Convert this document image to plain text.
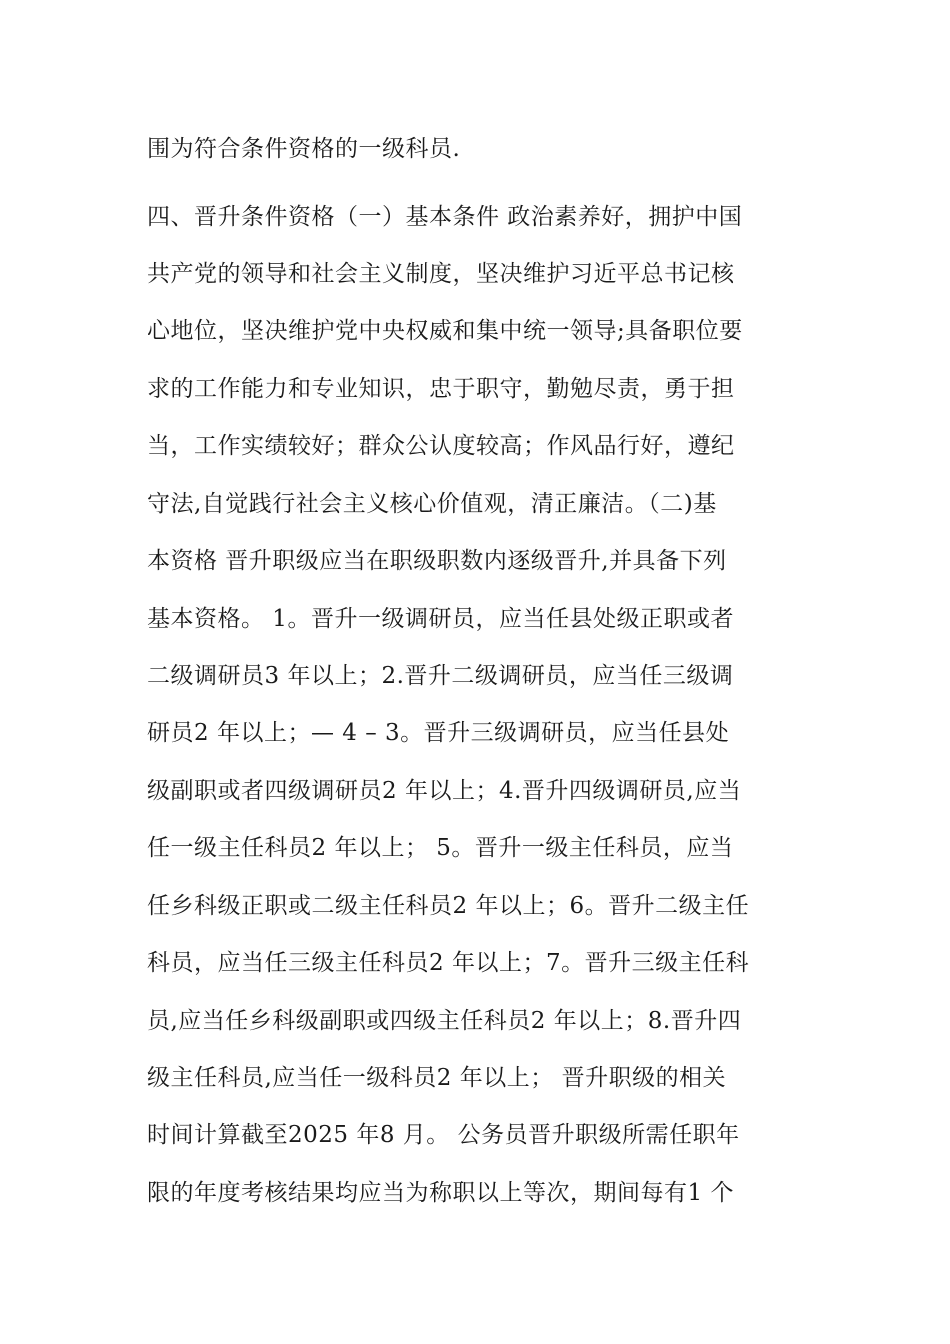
围为符合条件资格的一级科员.
四、晋升条件资格（一）基本条件 政治素养好，拥护中国
共产党的领导和社会主义制度，坚决维护习近平总书记核
心地位，坚决维护党中央权威和集中统一领导;具备职位要
求的工作能力和专业知识，忠于职守，勤勉尽责，勇于担
当，工作实绩较好；群众公认度较高；作风品行好，遵纪
守法,自觉践行社会主义核心价值观，清正廉洁。（二)基
本资格 晋升职级应当在职级职数内逐级晋升,并具备下列
基本资格。 1。晋升一级调研员，应当任县处级正职或者
二级调研员3 年以上；2.晋升二级调研员，应当任三级调
研员2 年以上；— 4 – 3。晋升三级调研员，应当任县处
级副职或者四级调研员2 年以上；4.晋升四级调研员,应当
任一级主任科员2 年以上； 5。晋升一级主任科员，应当
任乡科级正职或二级主任科员2 年以上；6。晋升二级主任
科员，应当任三级主任科员2 年以上；7。晋升三级主任科
员,应当任乡科级副职或四级主任科员2 年以上；8.晋升四
级主任科员,应当任一级科员2 年以上； 晋升职级的相关
时间计算截至2025 年8 月。 公务员晋升职级所需任职年
限的年度考核结果均应当为称职以上等次，期间每有1 个
